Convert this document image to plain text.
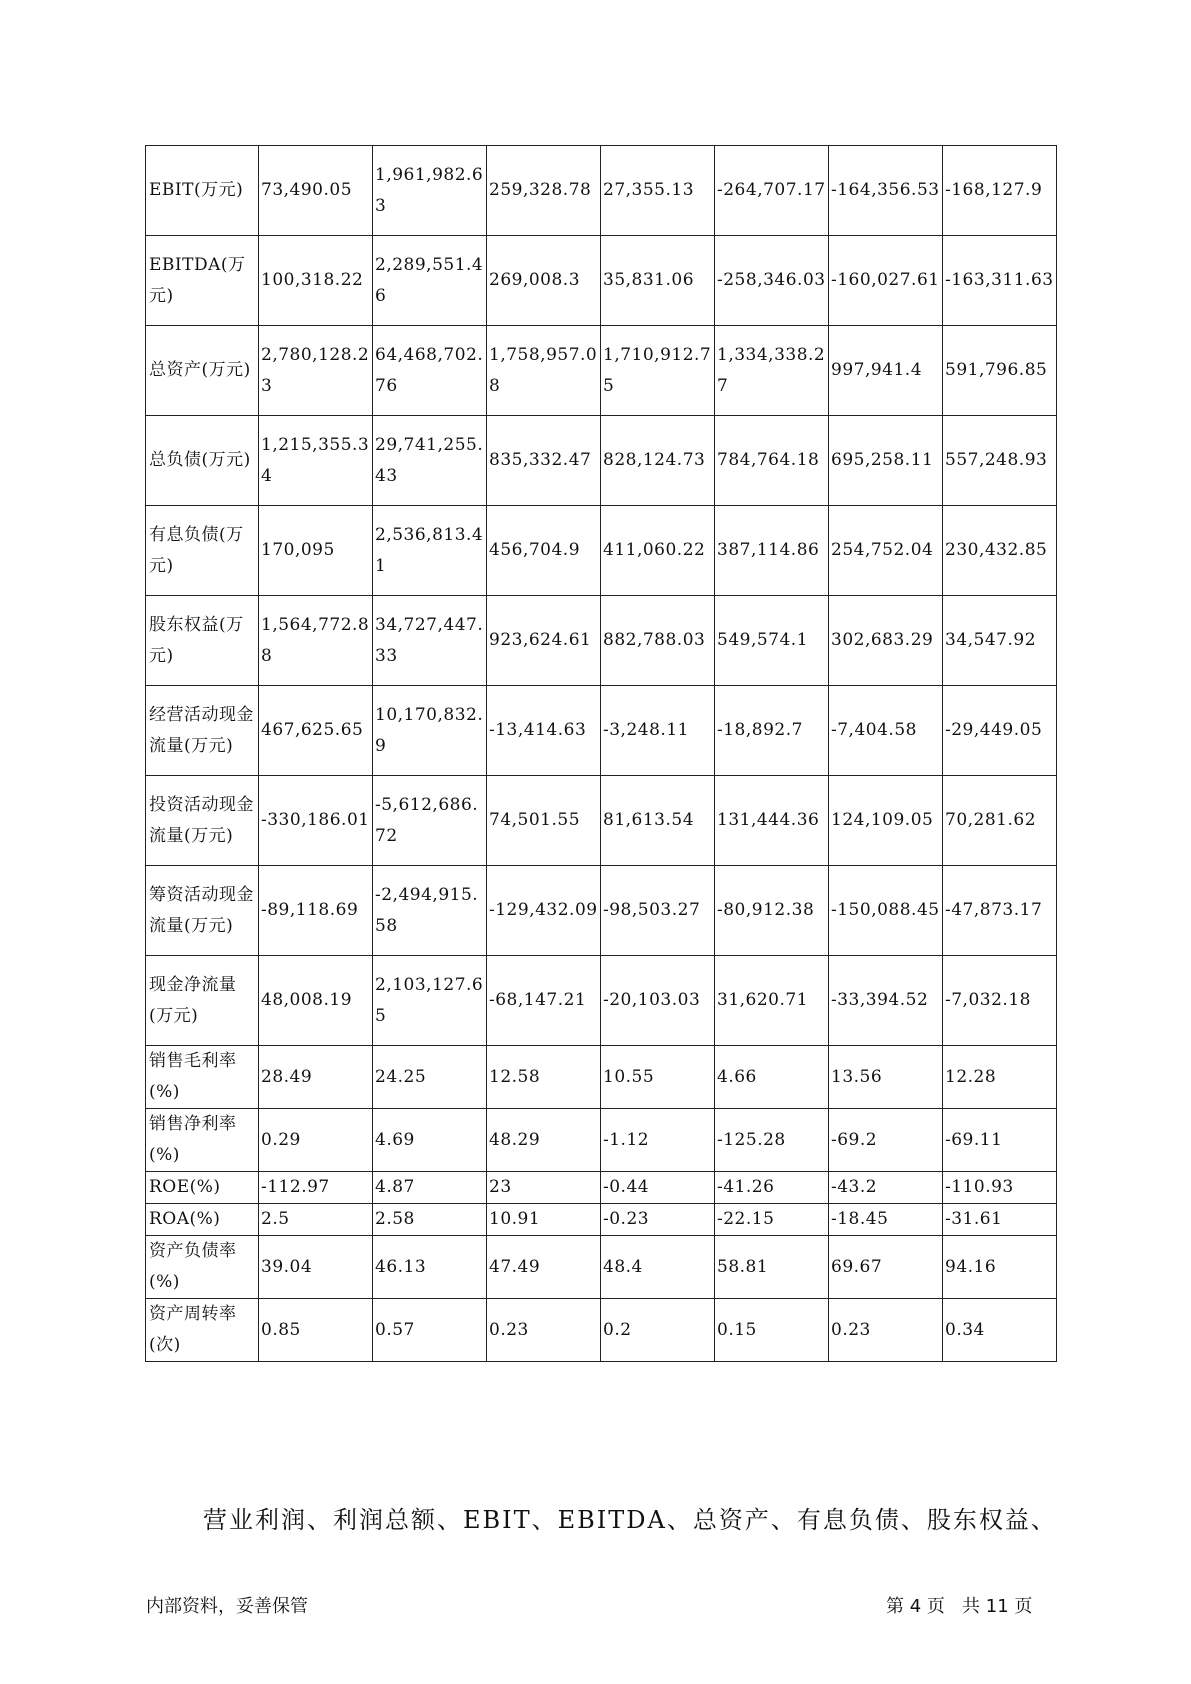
EBIT(万元)	73,490.05	1,961,982.63	259,328.78	27,355.13	-264,707.17	-164,356.53	-168,127.9
EBITDA(万元)	100,318.22	2,289,551.46	269,008.3	35,831.06	-258,346.03	-160,027.61	-163,311.63
总资产(万元)	2,780,128.23	64,468,702.76	1,758,957.08	1,710,912.75	1,334,338.27	997,941.4	591,796.85
总负债(万元)	1,215,355.34	29,741,255.43	835,332.47	828,124.73	784,764.18	695,258.11	557,248.93
有息负债(万元)	170,095	2,536,813.41	456,704.9	411,060.22	387,114.86	254,752.04	230,432.85
股东权益(万元)	1,564,772.88	34,727,447.33	923,624.61	882,788.03	549,574.1	302,683.29	34,547.92
经营活动现金流量(万元)	467,625.65	10,170,832.9	-13,414.63	-3,248.11	-18,892.7	-7,404.58	-29,449.05
投资活动现金流量(万元)	-330,186.01	-5,612,686.72	74,501.55	81,613.54	131,444.36	124,109.05	70,281.62
筹资活动现金流量(万元)	-89,118.69	-2,494,915.58	-129,432.09	-98,503.27	-80,912.38	-150,088.45	-47,873.17
现金净流量(万元)	48,008.19	2,103,127.65	-68,147.21	-20,103.03	31,620.71	-33,394.52	-7,032.18
销售毛利率(%)	28.49	24.25	12.58	10.55	4.66	13.56	12.28
销售净利率(%)	0.29	4.69	48.29	-1.12	-125.28	-69.2	-69.11
ROE(%)	-112.97	4.87	23	-0.44	-41.26	-43.2	-110.93
ROA(%)	2.5	2.58	10.91	-0.23	-22.15	-18.45	-31.61
资产负债率(%)	39.04	46.13	47.49	48.4	58.81	69.67	94.16
资产周转率(次)	0.85	0.57	0.23	0.2	0.15	0.23	0.34
营业利润、利润总额、EBIT、EBITDA、总资产、有息负债、股东权益、
内部资料，妥善保管	第 4 页   共 11 页
